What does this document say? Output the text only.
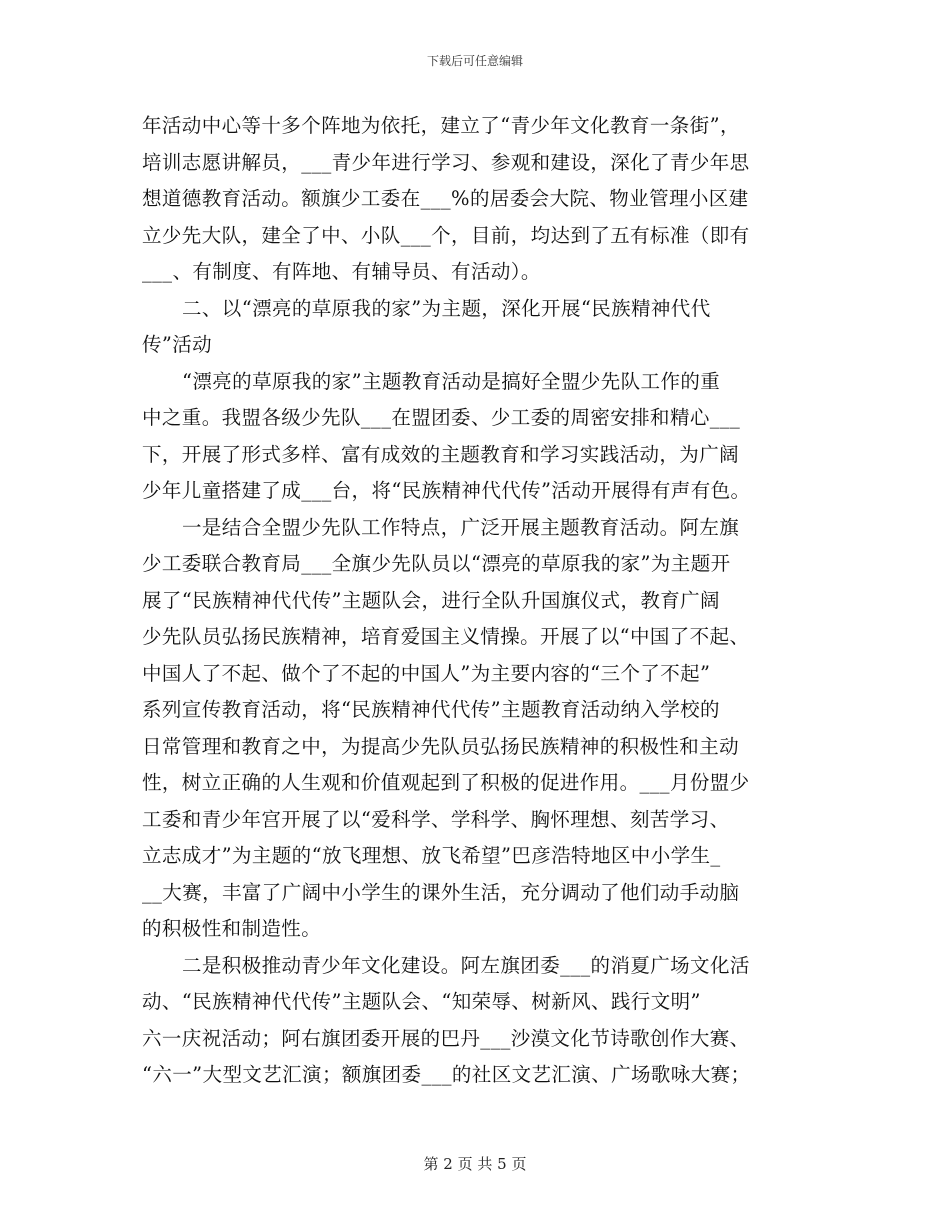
下载后可任意编辑
年活动中心等十多个阵地为依托，建立了“青少年文化教育一条街”，
培训志愿讲解员，___青少年进行学习、参观和建设，深化了青少年思
想道德教育活动。额旗少工委在___%的居委会大院、物业管理小区建
立少先大队，建全了中、小队___个，目前，均达到了五有标准（即有
___、有制度、有阵地、有辅导员、有活动）。
二、以“漂亮的草原我的家”为主题，深化开展“民族精神代代
传”活动
“漂亮的草原我的家”主题教育活动是搞好全盟少先队工作的重
中之重。我盟各级少先队___在盟团委、少工委的周密安排和精心___
下，开展了形式多样、富有成效的主题教育和学习实践活动，为广阔
少年儿童搭建了成___台，将“民族精神代代传”活动开展得有声有色。
一是结合全盟少先队工作特点，广泛开展主题教育活动。阿左旗
少工委联合教育局___全旗少先队员以“漂亮的草原我的家”为主题开
展了“民族精神代代传”主题队会，进行全队升国旗仪式，教育广阔
少先队员弘扬民族精神，培育爱国主义情操。开展了以“中国了不起、
中国人了不起、做个了不起的中国人”为主要内容的“三个了不起”
系列宣传教育活动，将“民族精神代代传”主题教育活动纳入学校的
日常管理和教育之中，为提高少先队员弘扬民族精神的积极性和主动
性，树立正确的人生观和价值观起到了积极的促进作用。___月份盟少
工委和青少年宫开展了以“爱科学、学科学、胸怀理想、刻苦学习、
立志成才”为主题的“放飞理想、放飞希望”巴彦浩特地区中小学生_
__大赛，丰富了广阔中小学生的课外生活，充分调动了他们动手动脑
的积极性和制造性。
二是积极推动青少年文化建设。阿左旗团委___的消夏广场文化活
动、“民族精神代代传”主题队会、“知荣辱、树新风、践行文明”
六一庆祝活动；阿右旗团委开展的巴丹___沙漠文化节诗歌创作大赛、
“六一”大型文艺汇演；额旗团委___的社区文艺汇演、广场歌咏大赛；
第 2 页 共 5 页
